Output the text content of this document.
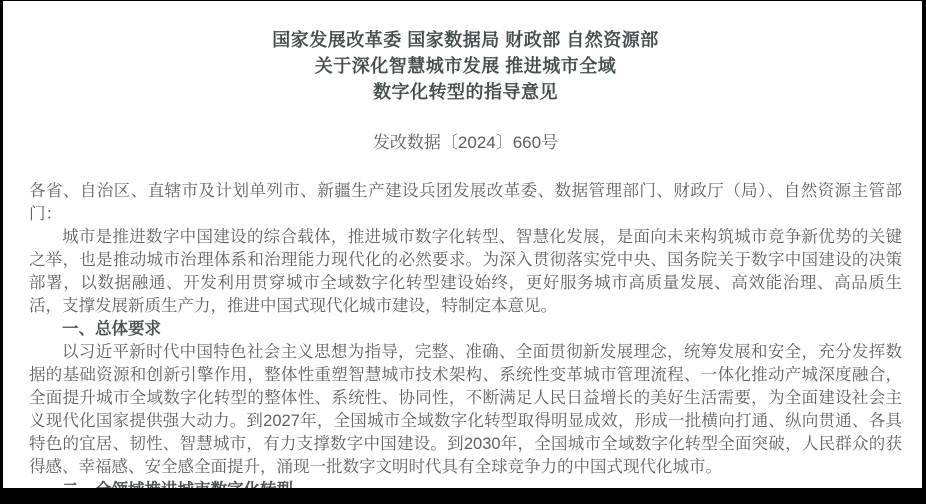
国家发展改革委 国家数据局 财政部 自然资源部
关于深化智慧城市发展 推进城市全域
数字化转型的指导意见
发改数据〔2024〕660号

各省、自治区、直辖市及计划单列市、新疆生产建设兵团发展改革委、数据管理部门、财政厅（局）、自然资源主管部门：

城市是推进数字中国建设的综合载体，推进城市数字化转型、智慧化发展，是面向未来构筑城市竞争新优势的关键之举，也是推动城市治理体系和治理能力现代化的必然要求。为深入贯彻落实党中央、国务院关于数字中国建设的决策部署，以数据融通、开发利用贯穿城市全域数字化转型建设始终，更好服务城市高质量发展、高效能治理、高品质生活，支撑发展新质生产力，推进中国式现代化城市建设，特制定本意见。

一、总体要求

以习近平新时代中国特色社会主义思想为指导，完整、准确、全面贯彻新发展理念，统筹发展和安全，充分发挥数据的基础资源和创新引擎作用，整体性重塑智慧城市技术架构、系统性变革城市管理流程、一体化推动产城深度融合，全面提升城市全域数字化转型的整体性、系统性、协同性，不断满足人民日益增长的美好生活需要，为全面建设社会主义现代化国家提供强大动力。到2027年，全国城市全域数字化转型取得明显成效，形成一批横向打通、纵向贯通、各具特色的宜居、韧性、智慧城市，有力支撑数字中国建设。到2030年，全国城市全域数字化转型全面突破，人民群众的获得感、幸福感、安全感全面提升，涌现一批数字文明时代具有全球竞争力的中国式现代化城市。
